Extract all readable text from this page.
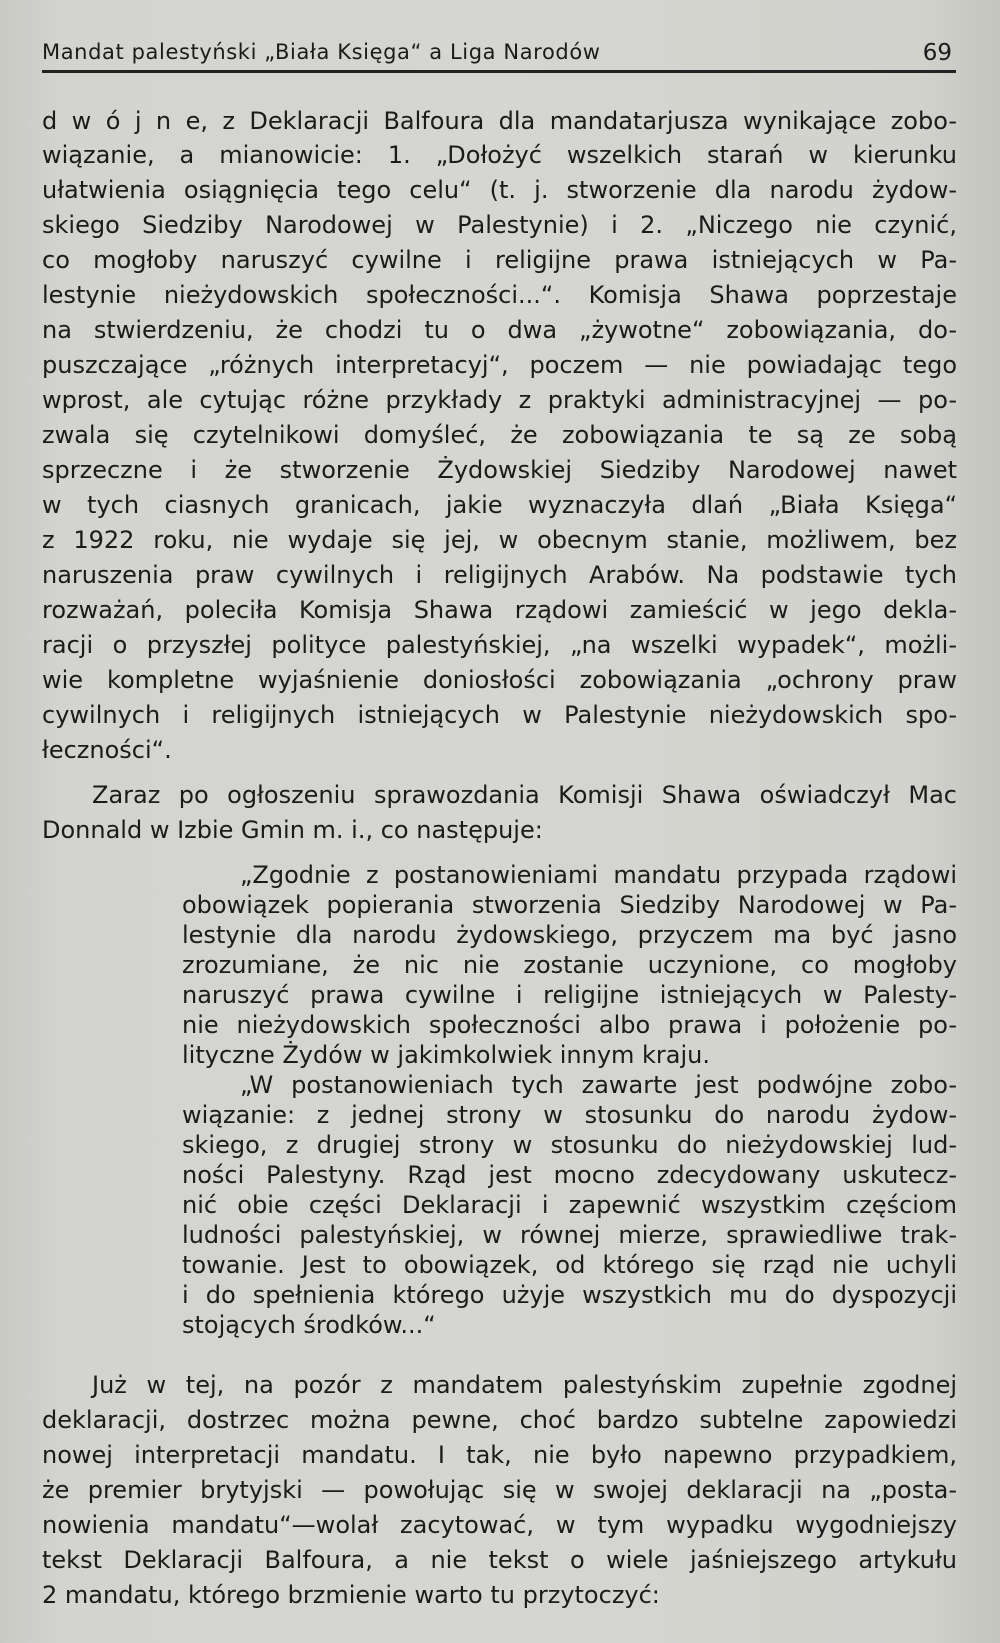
Mandat palestyński „Biała Księga“ a Liga Narodów	69
d w ó j n e, z Deklaracji Balfoura dla mandatarjusza wynikające zobo-
wiązanie, a mianowicie: 1. „Dołożyć wszelkich starań w kierunku
ułatwienia osiągnięcia tego celu“ (t. j. stworzenie dla narodu żydow-
skiego Siedziby Narodowej w Palestynie) i 2. „Niczego nie czynić,
co mogłoby naruszyć cywilne i religijne prawa istniejących w Pa-
lestynie nieżydowskich społeczności...“. Komisja Shawa poprzestaje
na stwierdzeniu, że chodzi tu o dwa „żywotne“ zobowiązania, do-
puszczające „różnych interpretacyj“, poczem — nie powiadając tego
wprost, ale cytując różne przykłady z praktyki administracyjnej — po-
zwala się czytelnikowi domyśleć, że zobowiązania te są ze sobą
sprzeczne i że stworzenie Żydowskiej Siedziby Narodowej nawet
w tych ciasnych granicach, jakie wyznaczyła dlań „Biała Księga“
z 1922 roku, nie wydaje się jej, w obecnym stanie, możliwem, bez
naruszenia praw cywilnych i religijnych Arabów. Na podstawie tych
rozważań, poleciła Komisja Shawa rządowi zamieścić w jego dekla-
racji o przyszłej polityce palestyńskiej, „na wszelki wypadek“, możli-
wie kompletne wyjaśnienie doniosłości zobowiązania „ochrony praw
cywilnych i religijnych istniejących w Palestynie nieżydowskich spo-
łeczności“.
Zaraz po ogłoszeniu sprawozdania Komisji Shawa oświadczył Mac
Donnald w Izbie Gmin m. i., co następuje:
„Zgodnie z postanowieniami mandatu przypada rządowi
obowiązek popierania stworzenia Siedziby Narodowej w Pa-
lestynie dla narodu żydowskiego, przyczem ma być jasno
zrozumiane, że nic nie zostanie uczynione, co mogłoby
naruszyć prawa cywilne i religijne istniejących w Palesty-
nie nieżydowskich społeczności albo prawa i położenie po-
lityczne Żydów w jakimkolwiek innym kraju.
„W postanowieniach tych zawarte jest podwójne zobo-
wiązanie: z jednej strony w stosunku do narodu żydow-
skiego, z drugiej strony w stosunku do nieżydowskiej lud-
ności Palestyny. Rząd jest mocno zdecydowany uskutecz-
nić obie części Deklaracji i zapewnić wszystkim częściom
ludności palestyńskiej, w równej mierze, sprawiedliwe trak-
towanie. Jest to obowiązek, od którego się rząd nie uchyli
i do spełnienia którego użyje wszystkich mu do dyspozycji
stojących środków...“
Już w tej, na pozór z mandatem palestyńskim zupełnie zgodnej
deklaracji, dostrzec można pewne, choć bardzo subtelne zapowiedzi
nowej interpretacji mandatu. I tak, nie było napewno przypadkiem,
że premier brytyjski — powołując się w swojej deklaracji na „posta-
nowienia mandatu“—wolał zacytować, w tym wypadku wygodniejszy
tekst Deklaracji Balfoura, a nie tekst o wiele jaśniejszego artykułu
2 mandatu, którego brzmienie warto tu przytoczyć:
